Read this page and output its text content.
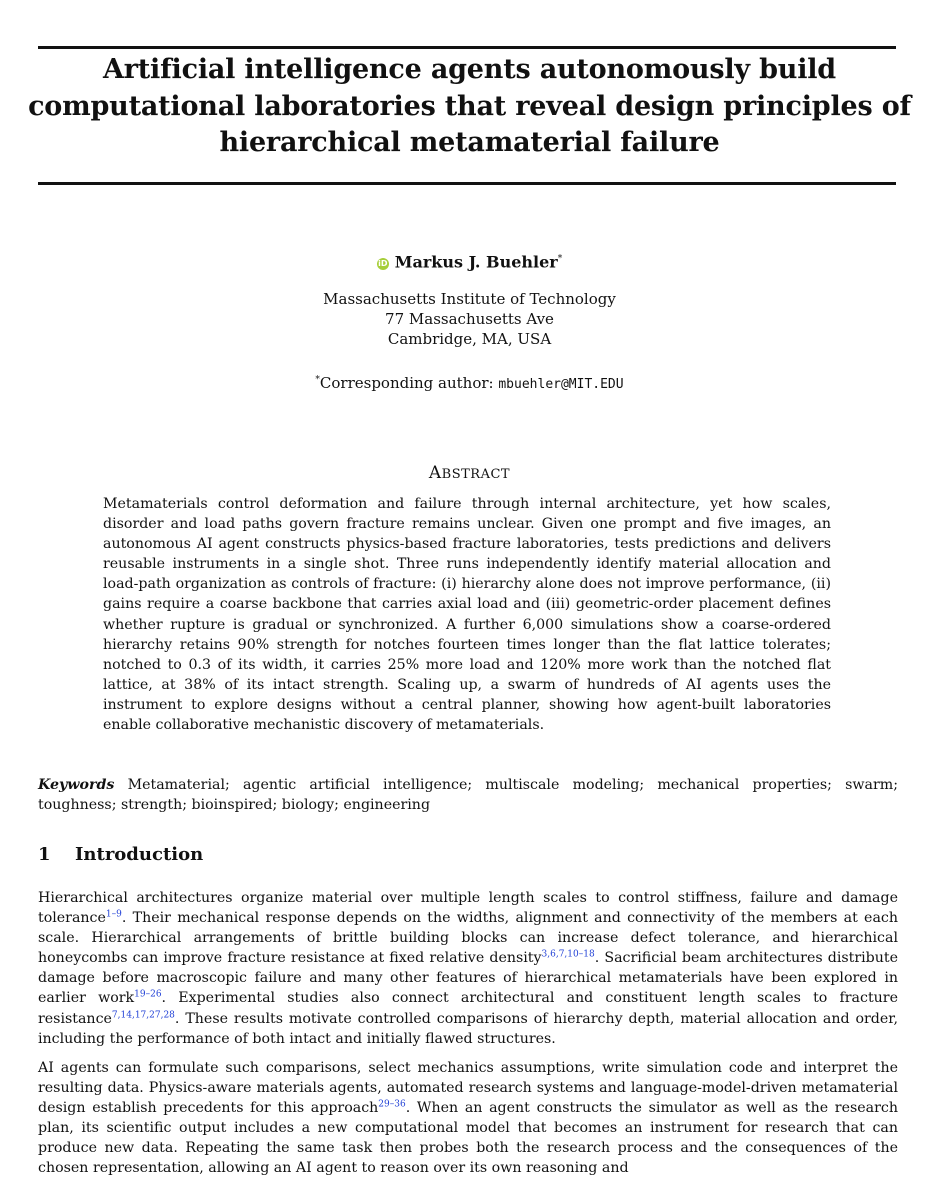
Artificial intelligence agents autonomously build computational laboratories that reveal design principles of hierarchical metamaterial failure
iD Markus J. Buehler*
Massachusetts Institute of Technology
77 Massachusetts Ave
Cambridge, MA, USA
*Corresponding author: mbuehler@MIT.EDU
ABSTRACT

Metamaterials control deformation and failure through internal architecture, yet how scales, disorder and load paths govern fracture remains unclear. Given one prompt and five images, an autonomous AI agent constructs physics-based fracture laboratories, tests predictions and delivers reusable instruments in a single shot. Three runs independently identify material allocation and load-path organization as controls of fracture: (i) hierarchy alone does not improve performance, (ii) gains require a coarse backbone that carries axial load and (iii) geometric-order placement defines whether rupture is gradual or synchronized. A further 6,000 simulations show a coarse-ordered hierarchy retains 90% strength for notches fourteen times longer than the flat lattice tolerates; notched to 0.3 of its width, it carries 25% more load and 120% more work than the notched flat lattice, at 38% of its intact strength. Scaling up, a swarm of hundreds of AI agents uses the instrument to explore designs without a central planner, showing how agent-built laboratories enable collaborative mechanistic discovery of metamaterials.

Keywords Metamaterial; agentic artificial intelligence; multiscale modeling; mechanical properties; swarm; toughness; strength; bioinspired; biology; engineering

1 Introduction

Hierarchical architectures organize material over multiple length scales to control stiffness, failure and damage tolerance$^{1-9}$. Their mechanical response depends on the widths, alignment and connectivity of the members at each scale. Hierarchical arrangements of brittle building blocks can increase defect tolerance, and hierarchical honeycombs can improve fracture resistance at fixed relative density$^{3,6,7,10-18}$. Sacrificial beam architectures distribute damage before macroscopic failure and many other features of hierarchical metamaterials have been explored in earlier work$^{19-26}$. Experimental studies also connect architectural and constituent length scales to fracture resistance$^{7,14,17,27,28}$. These results motivate controlled comparisons of hierarchy depth, material allocation and order, including the performance of both intact and initially flawed structures.

AI agents can formulate such comparisons, select mechanics assumptions, write simulation code and interpret the resulting data. Physics-aware materials agents, automated research systems and language-model-driven metamaterial design establish precedents for this approach$^{29-36}$. When an agent constructs the simulator as well as the research plan, its scientific output includes a new computational model that becomes an instrument for research that can produce new data. Repeating the same task then probes both the research process and the consequences of the chosen representation, allowing an AI agent to reason over its own reasoning and
